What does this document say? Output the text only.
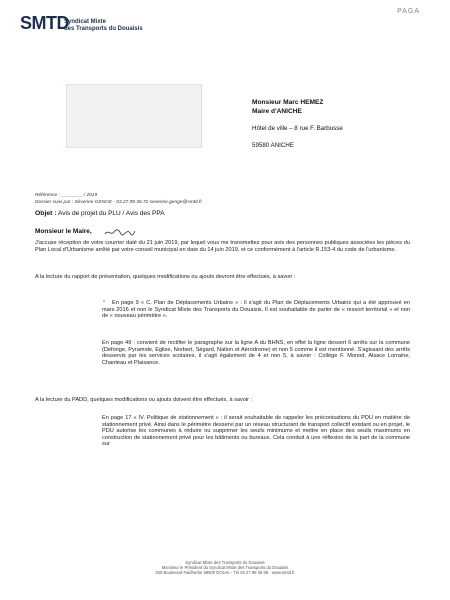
PAGA
SMTD
Syndicat Mixte
des Transports du Douaisis
Monsieur Marc HEMEZ
Maire d'ANICHE
Hôtel de ville – 8 rue F. Barbusse
59580 ANICHE
Référence : ________ / 2019
Dossier suivi par : Séverine GENGE - 03.27.99.36.72 severine.genge@smtd.fr
Objet : Avis de projet du PLU / Avis des PPA
Monsieur le Maire,
J'accuse réception de votre courrier daté du 21 juin 2019, par lequel vous me transmettez pour avis des personnes publiques associées les pièces du Plan Local d'Urbanisme arrêté par votre conseil municipal en date du 14 juin 2019, et ce conformément à l'article R.153-4 du code de l'urbanisme.
A la lecture du rapport de présentation, quelques modifications ou ajouts devront être effectués, à savoir :
▫	En page 9 « C. Plan de Déplacements Urbains » : il s'agit du Plan de Déplacements Urbains qui a été approuvé en mars 2016 et non le Syndicat Mixte des Transports du Douaisis. Il est souhaitable de parler de « ressort territorial » et non de « nouveau périmètre ».
En page 49 : convient de rectifier le paragraphe sur la ligne A du BHNS, en effet la ligne dessert 6 arrêts sur la commune (Défonge, Pyramide, Eglise, Norbert, Ségard, Nation et Aérodrome) et non 5 comme il est mentionné. S'agissant des arrêts desservis par les services scolaires, il s'agit également de 4 et non 5, à savoir : Collège F. Monod, Alsace Lorraine, Chanteau et Plaisance.
A la lecture du PADD, quelques modifications ou ajouts doivent être effectués, à savoir :
En page 17 « IV. Politique de stationnement » : il serait souhaitable de rappeler les préconisations du PDU en matière de stationnement privé. Ainsi dans le périmètre desservi par un réseau structurant de transport collectif existant ou en projet, le PDU autorise les communes à réduire ou supprimer les seuils minimums et mettre en place des seuils maximums en construction de stationnement privé pour les bâtiments ou bureaux. Cela conduit à une réflexion de la part de la commune sur
Syndicat Mixte des Transports du Douaisis
Monsieur le Président du Syndicat Mixte des Transports du Douaisis
205 Boulevard Faidherbe 59500 DOUAI - Tél 03 27 99 36 69 - www.smtd.fr
